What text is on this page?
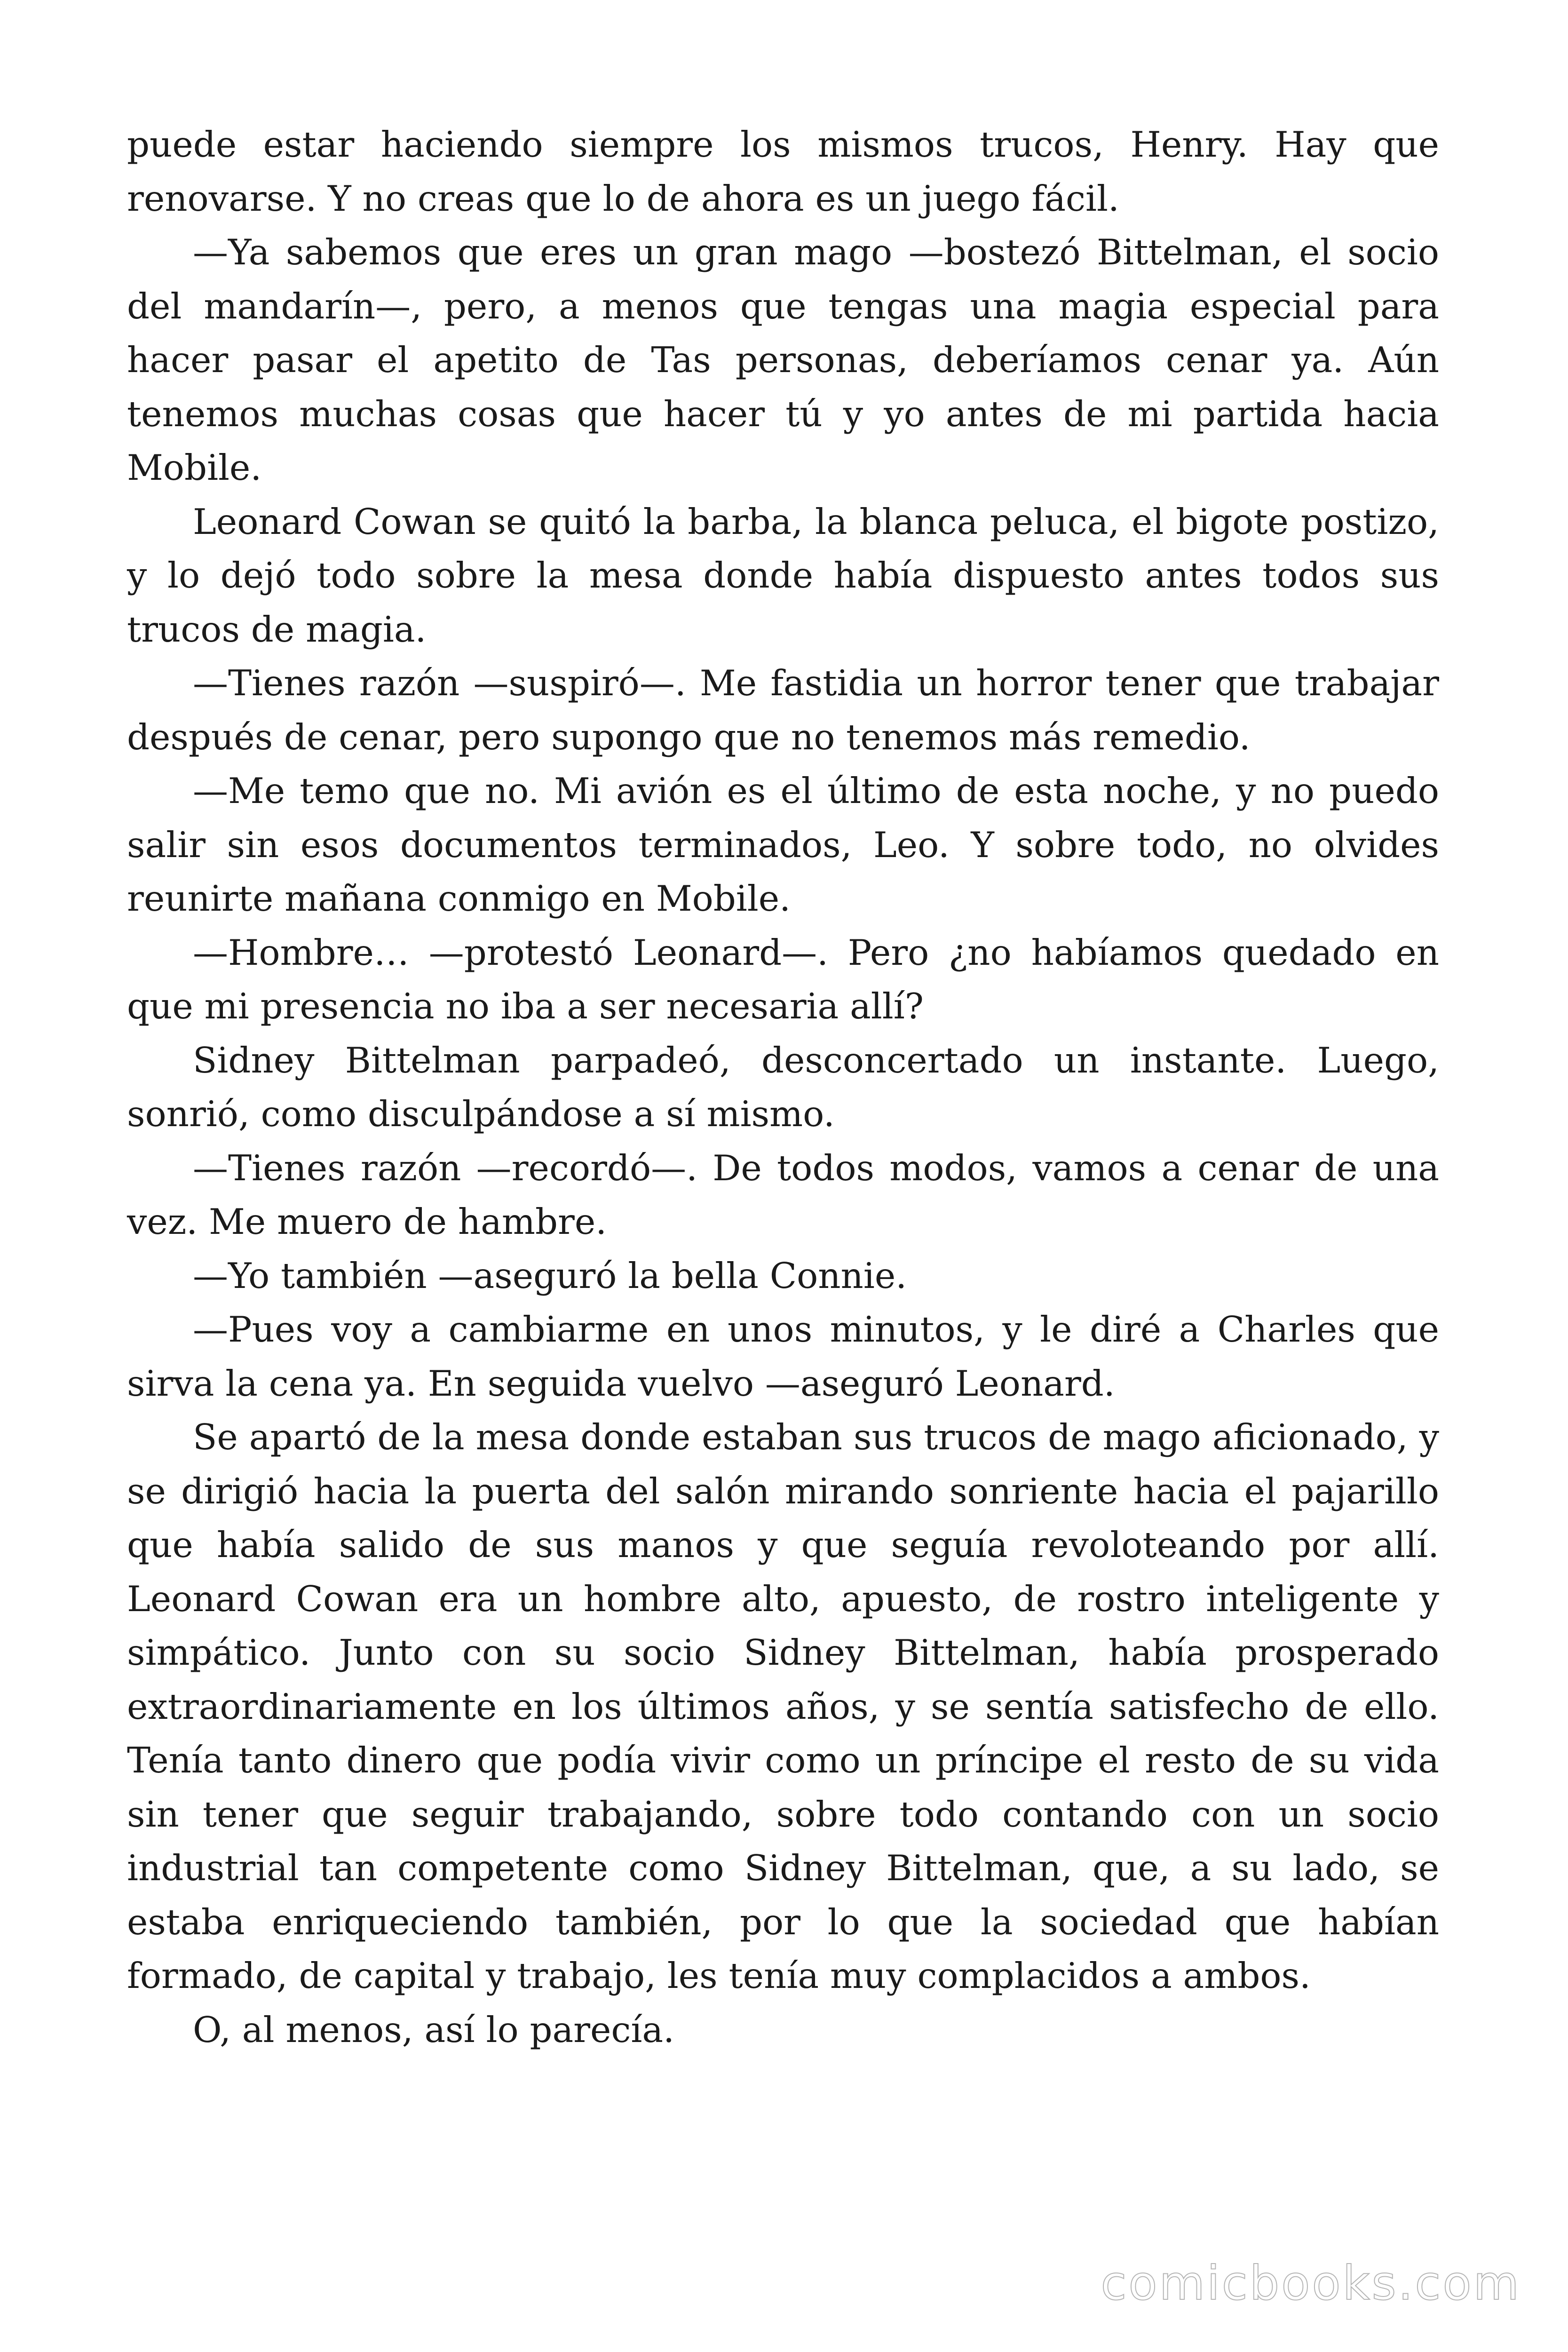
puede estar haciendo siempre los mismos trucos, Henry. Hay que renovarse. Y no creas que lo de ahora es un juego fácil.

—Ya sabemos que eres un gran mago —bostezó Bittelman, el socio del mandarín—, pero, a menos que tengas una magia especial para hacer pasar el apetito de Tas personas, deberíamos cenar ya. Aún tenemos muchas cosas que hacer tú y yo antes de mi partida hacia Mobile.

Leonard Cowan se quitó la barba, la blanca peluca, el bigote postizo, y lo dejó todo sobre la mesa donde había dispuesto antes todos sus trucos de magia.

—Tienes razón —suspiró—. Me fastidia un horror tener que trabajar después de cenar, pero supongo que no tenemos más remedio.

—Me temo que no. Mi avión es el último de esta noche, y no puedo salir sin esos documentos terminados, Leo. Y sobre todo, no olvides reunirte mañana conmigo en Mobile.

—Hombre… —protestó Leonard—. Pero ¿no habíamos quedado en que mi presencia no iba a ser necesaria allí?

Sidney Bittelman parpadeó, desconcertado un instante. Luego, sonrió, como disculpándose a sí mismo.

—Tienes razón —recordó—. De todos modos, vamos a cenar de una vez. Me muero de hambre.

—Yo también —aseguró la bella Connie.

—Pues voy a cambiarme en unos minutos, y le diré a Charles que sirva la cena ya. En seguida vuelvo —aseguró Leonard.

Se apartó de la mesa donde estaban sus trucos de mago aficionado, y se dirigió hacia la puerta del salón mirando sonriente hacia el pajarillo que había salido de sus manos y que seguía revoloteando por allí. Leonard Cowan era un hombre alto, apuesto, de rostro inteligente y simpático. Junto con su socio Sidney Bittelman, había prosperado extraordinariamente en los últimos años, y se sentía satisfecho de ello. Tenía tanto dinero que podía vivir como un príncipe el resto de su vida sin tener que seguir trabajando, sobre todo contando con un socio industrial tan competente como Sidney Bittelman, que, a su lado, se estaba enriqueciendo también, por lo que la sociedad que habían formado, de capital y trabajo, les tenía muy complacidos a ambos.

O, al menos, así lo parecía.

comicbooks.com
